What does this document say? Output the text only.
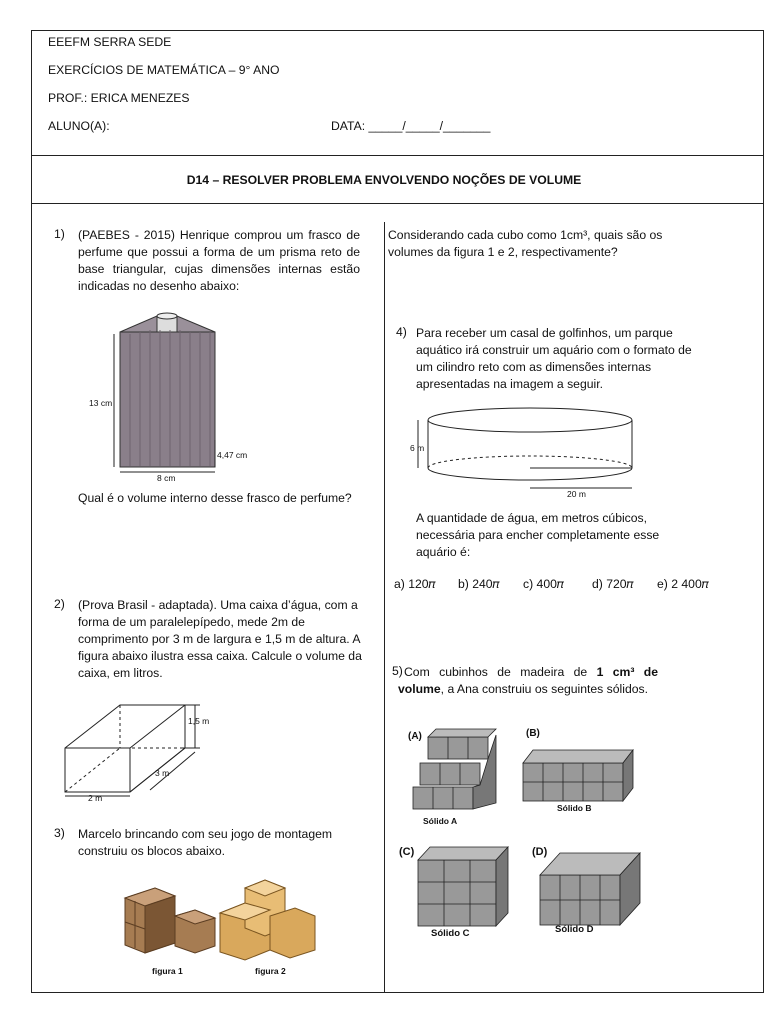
EEEFM SERRA SEDE
EXERCÍCIOS DE MATEMÁTICA – 9° ANO
PROF.: ERICA MENEZES
ALUNO(A):	DATA: _____/_____/_______
D14 – RESOLVER PROBLEMA ENVOLVENDO NOÇÕES DE VOLUME
1) (PAEBES - 2015) Henrique comprou um frasco de perfume que possui a forma de um prisma reto de base triangular, cujas dimensões internas estão indicadas no desenho abaixo:
13 cm
8 cm
4,47 cm
Qual é o volume interno desse frasco de perfume?
2) (Prova Brasil - adaptada). Uma caixa d’água, com a forma de um paralelepípedo, mede 2m de comprimento por 3 m de largura e 1,5 m de altura. A figura abaixo ilustra essa caixa. Calcule o volume da caixa, em litros.
1,5 m
3 m
2 m
3) Marcelo brincando com seu jogo de montagem construiu os blocos abaixo.
figura 1	figura 2
Considerando cada cubo como 1cm³, quais são os volumes da figura 1 e 2, respectivamente?
4) Para receber um casal de golfinhos, um parque aquático irá construir um aquário com o formato de um cilindro reto com as dimensões internas apresentadas na imagem a seguir.
6 m
20 m
A quantidade de água, em metros cúbicos, necessária para encher completamente esse aquário é:
a) 120𝜋 b) 240𝜋 c) 400𝜋 d) 720𝜋 e) 2 400𝜋
5) Com cubinhos de madeira de 1 cm³ de volume, a Ana construiu os seguintes sólidos.
(A)	(B)
(C)	(D)
Sólido A
Sólido B
Sólido C	Sólido D
